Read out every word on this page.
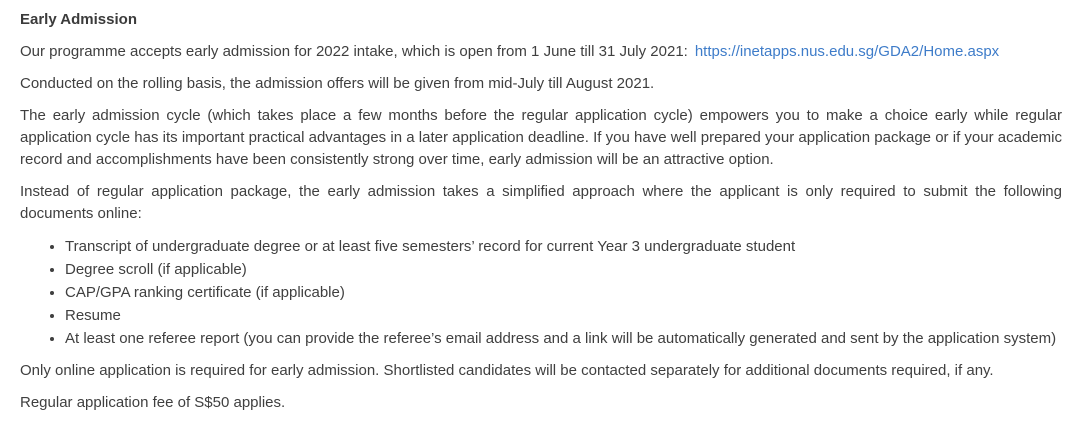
Early Admission

Our programme accepts early admission for 2022 intake, which is open from 1 June till 31 July 2021: https://inetapps.nus.edu.sg/GDA2/Home.aspx

Conducted on the rolling basis, the admission offers will be given from mid-July till August 2021.

The early admission cycle (which takes place a few months before the regular application cycle) empowers you to make a choice early while regular application cycle has its important practical advantages in a later application deadline. If you have well prepared your application package or if your academic record and accomplishments have been consistently strong over time, early admission will be an attractive option.

Instead of regular application package, the early admission takes a simplified approach where the applicant is only required to submit the following documents online:

• Transcript of undergraduate degree or at least five semesters’ record for current Year 3 undergraduate student
• Degree scroll (if applicable)
• CAP/GPA ranking certificate (if applicable)
• Resume
• At least one referee report (you can provide the referee’s email address and a link will be automatically generated and sent by the application system)

Only online application is required for early admission. Shortlisted candidates will be contacted separately for additional documents required, if any.

Regular application fee of S$50 applies.
